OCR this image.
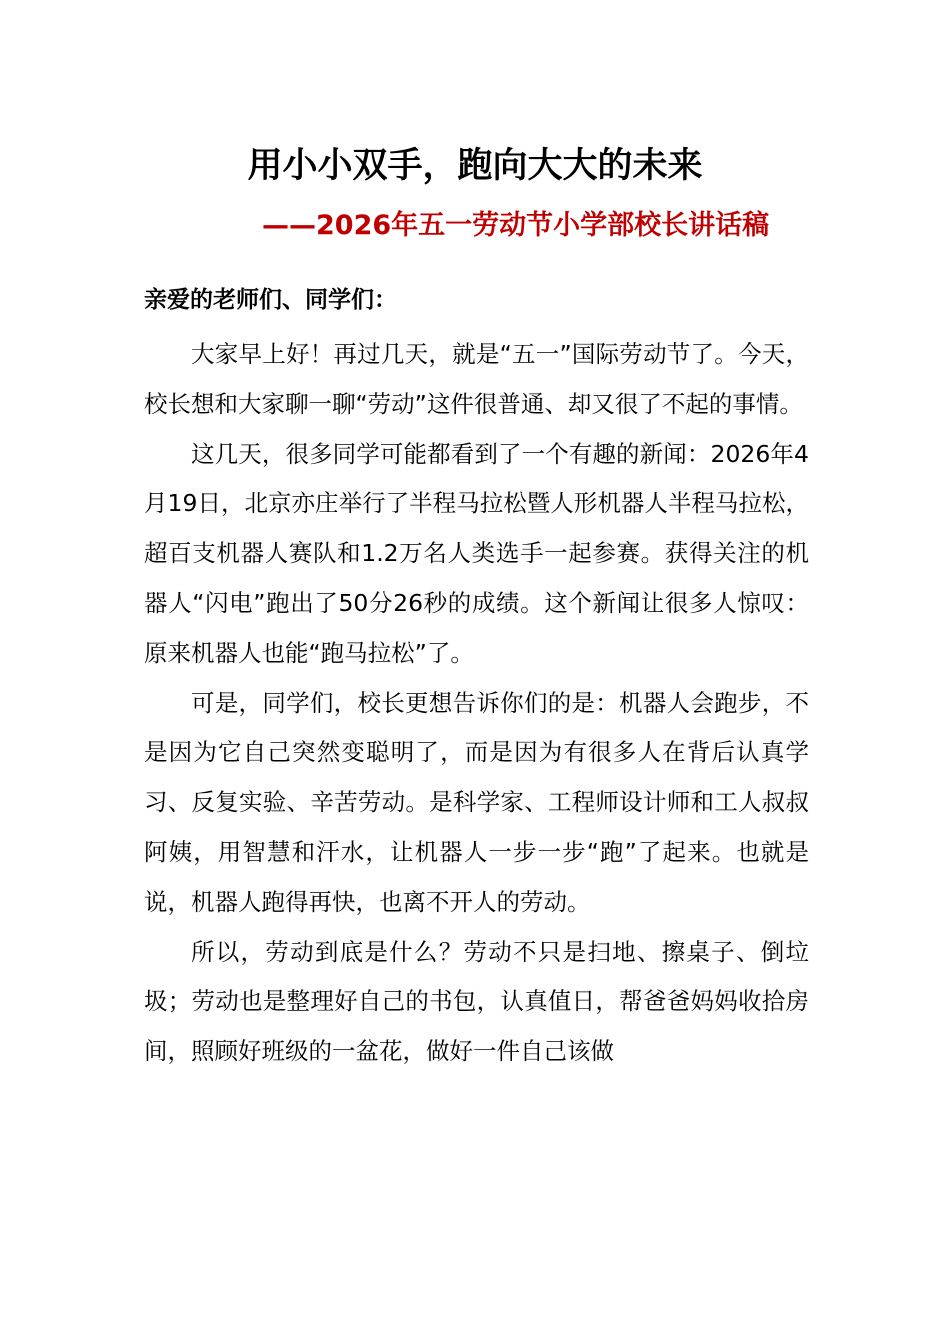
用小小双手，跑向大大的未来
——2026年五一劳动节小学部校长讲话稿
亲爱的老师们、同学们：

大家早上好！再过几天，就是“五一”国际劳动节了。今天，校长想和大家聊一聊“劳动”这件很普通、却又很了不起的事情。

这几天，很多同学可能都看到了一个有趣的新闻：2026年4月19日，北京亦庄举行了半程马拉松暨人形机器人半程马拉松，超百支机器人赛队和1.2万名人类选手一起参赛。获得关注的机器人“闪电”跑出了50分26秒的成绩。这个新闻让很多人惊叹：原来机器人也能“跑马拉松”了。

可是，同学们，校长更想告诉你们的是：机器人会跑步，不是因为它自己突然变聪明了，而是因为有很多人在背后认真学习、反复实验、辛苦劳动。是科学家、工程师设计师和工人叔叔阿姨，用智慧和汗水，让机器人一步一步“跑”了起来。也就是说，机器人跑得再快，也离不开人的劳动。

所以，劳动到底是什么？劳动不只是扫地、擦桌子、倒垃圾；劳动也是整理好自己的书包，认真值日，帮爸爸妈妈收拾房间，照顾好班级的一盆花，做好一件自己该做
